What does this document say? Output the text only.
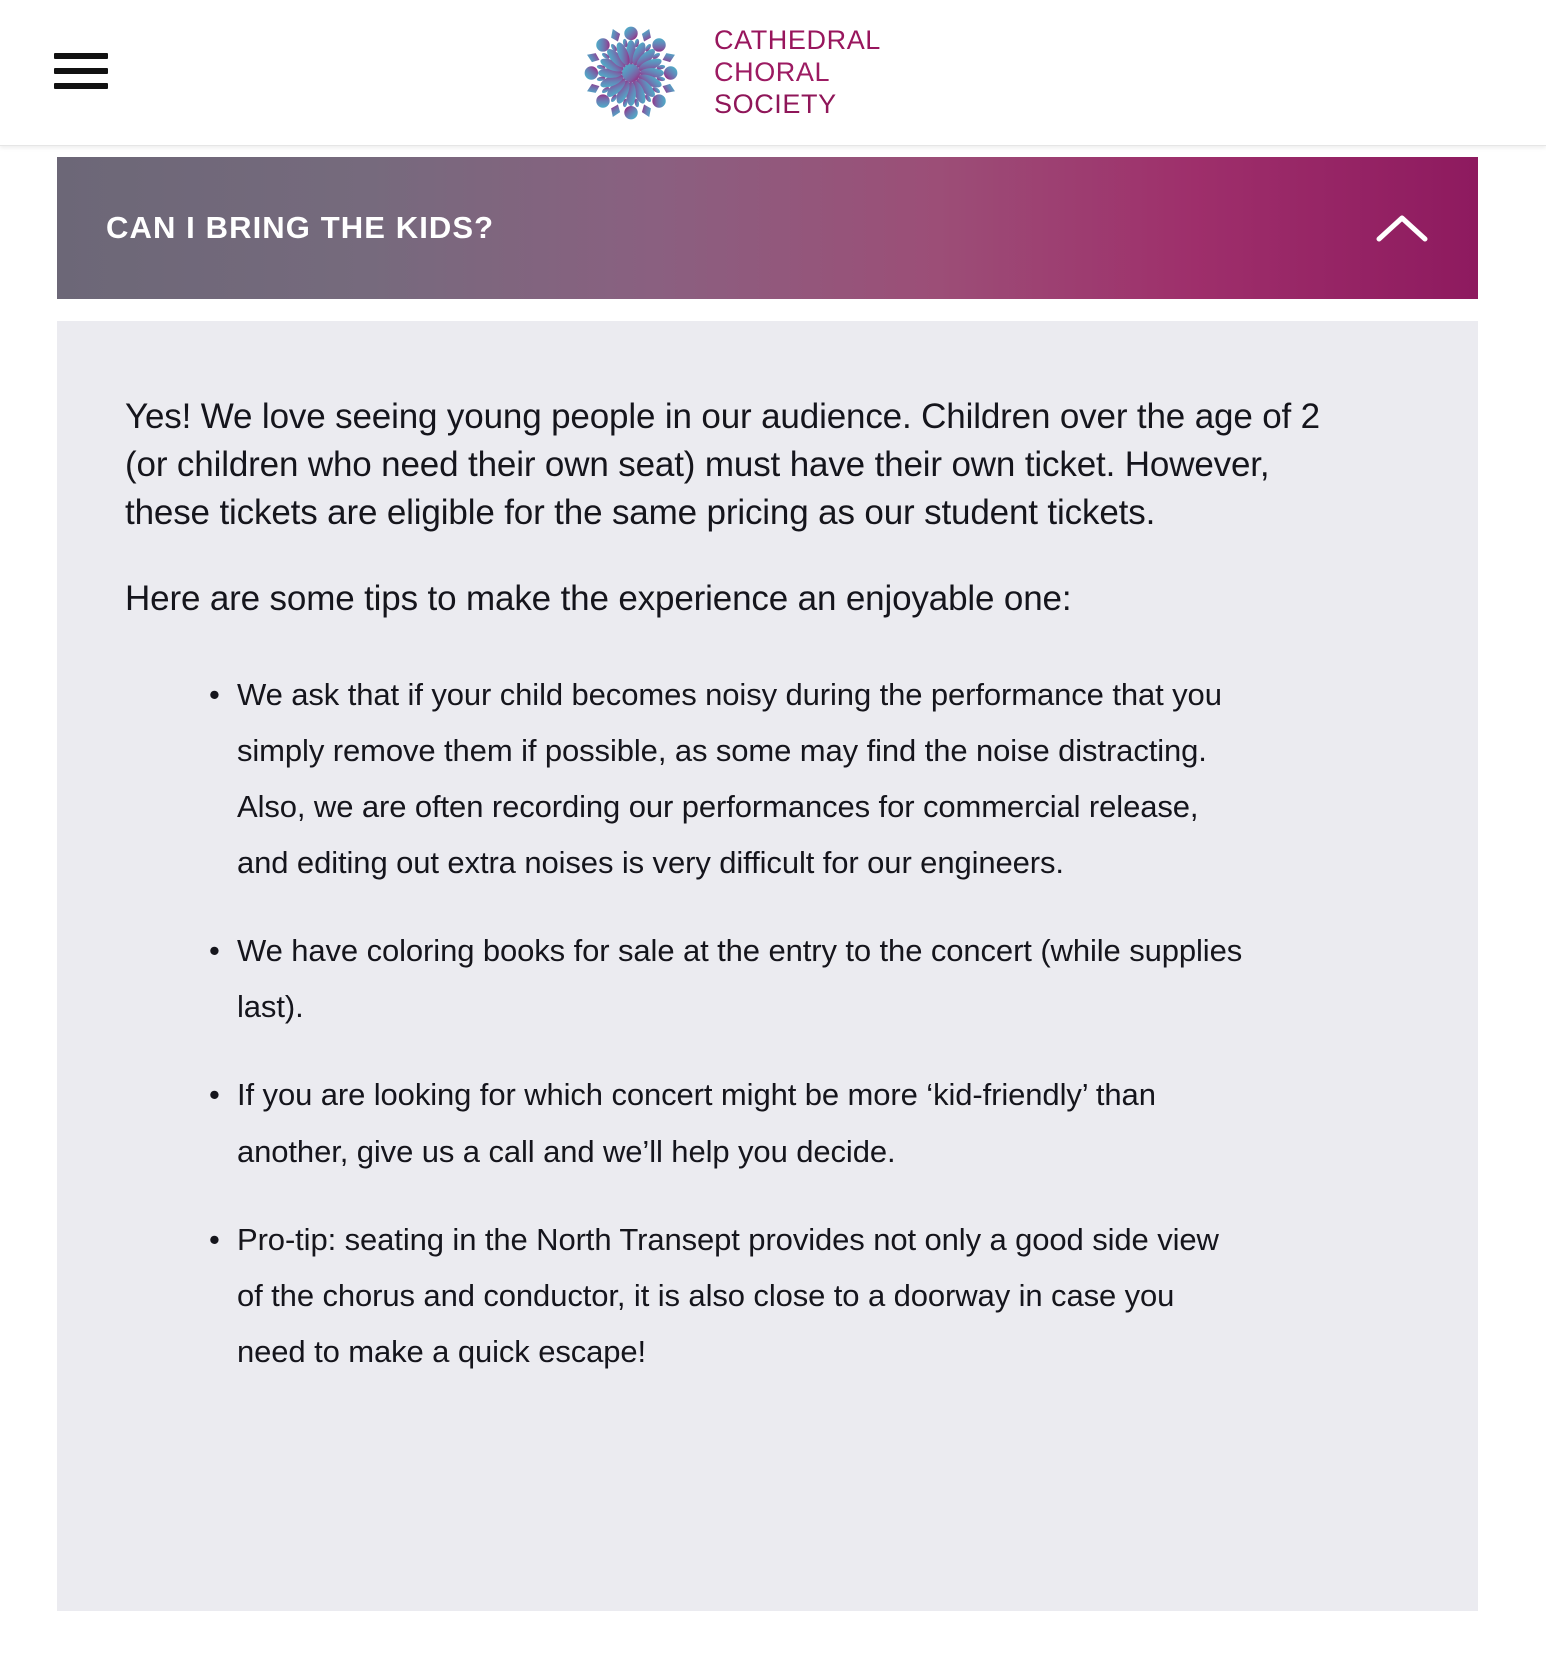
CATHEDRAL
CHORAL
SOCIETY
CAN I BRING THE KIDS?

Yes! We love seeing young people in our audience. Children over the age of 2 (or children who need their own seat) must have their own ticket. However, these tickets are eligible for the same pricing as our student tickets.

Here are some tips to make the experience an enjoyable one:

• We ask that if your child becomes noisy during the performance that you simply remove them if possible, as some may find the noise distracting. Also, we are often recording our performances for commercial release, and editing out extra noises is very difficult for our engineers.
• We have coloring books for sale at the entry to the concert (while supplies last).
• If you are looking for which concert might be more ‘kid-friendly’ than another, give us a call and we’ll help you decide.
• Pro-tip: seating in the North Transept provides not only a good side view of the chorus and conductor, it is also close to a doorway in case you need to make a quick escape!
